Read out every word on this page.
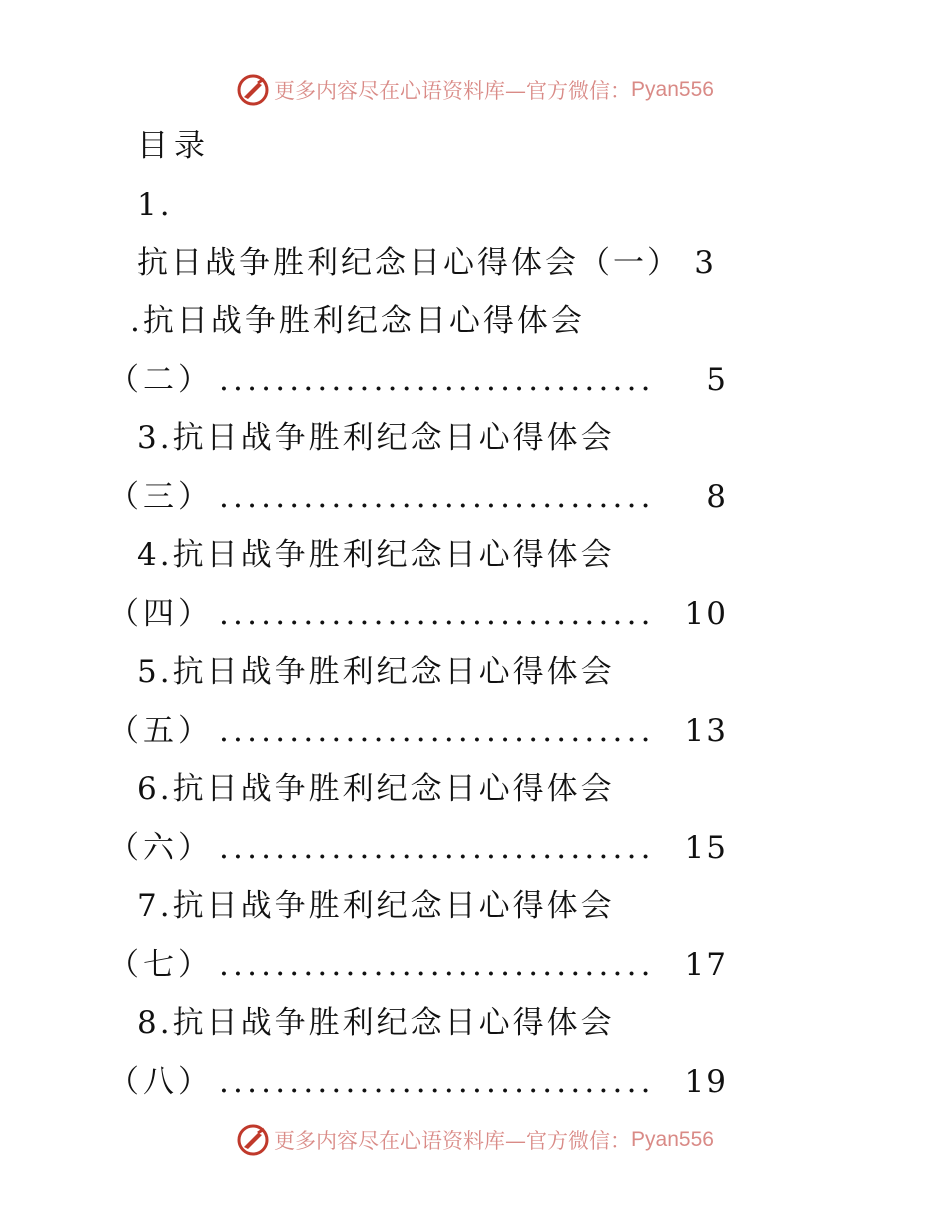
更多内容尽在心语资料库—官方微信： Pyan556
目录
1.
抗日战争胜利纪念日心得体会（一） 3
.抗日战争胜利纪念日心得体会
（二） ...............................	5
3.抗日战争胜利纪念日心得体会
（三） ...............................	8
4.抗日战争胜利纪念日心得体会
（四） ............................... 10
5.抗日战争胜利纪念日心得体会
（五） ............................... 13
6.抗日战争胜利纪念日心得体会
（六） ............................... 15
7.抗日战争胜利纪念日心得体会
（七） ............................... 17
8.抗日战争胜利纪念日心得体会
（八） ............................... 19
更多内容尽在心语资料库—官方微信： Pyan556
